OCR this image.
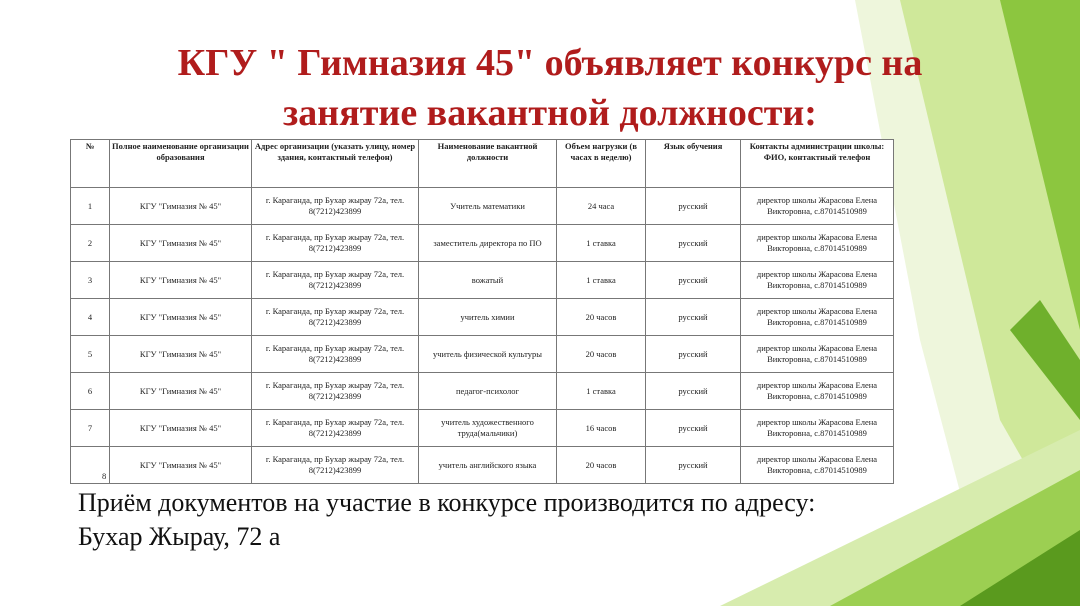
КГУ " Гимназия 45" объявляет конкурс на
занятие вакантной должности:
№	Полное наименование организации образования	Адрес организации (указать улицу, номер здания, контактный телефон)	Наименование вакантной должности	Объем нагрузки (в часах в неделю)	Язык обучения	Контакты администрации школы: ФИО, контактный телефон
1	КГУ "Гимназия № 45"	г. Караганда, пр Бухар жырау 72а, тел. 8(7212)423899	Учитель математики	24 часа	русский	директор школы Жарасова Елена Викторовна, с.87014510989
2	КГУ "Гимназия № 45"	г. Караганда, пр Бухар жырау 72а, тел. 8(7212)423899	заместитель директора по ПО	1 ставка	русский	директор школы Жарасова Елена Викторовна, с.87014510989
3	КГУ "Гимназия № 45"	г. Караганда, пр Бухар жырау 72а, тел. 8(7212)423899	вожатый	1 ставка	русский	директор школы Жарасова Елена Викторовна, с.87014510989
4	КГУ "Гимназия № 45"	г. Караганда, пр Бухар жырау 72а, тел. 8(7212)423899	учитель химии	20 часов	русский	директор школы Жарасова Елена Викторовна, с.87014510989
5	КГУ "Гимназия № 45"	г. Караганда, пр Бухар жырау 72а, тел. 8(7212)423899	учитель физической культуры	20 часов	русский	директор школы Жарасова Елена Викторовна, с.87014510989
6	КГУ "Гимназия № 45"	г. Караганда, пр Бухар жырау 72а, тел. 8(7212)423899	педагог-психолог	1 ставка	русский	директор школы Жарасова Елена Викторовна, с.87014510989
7	КГУ "Гимназия № 45"	г. Караганда, пр Бухар жырау 72а, тел. 8(7212)423899	учитель художественного труда(мальчики)	16 часов	русский	директор школы Жарасова Елена Викторовна, с.87014510989
8	КГУ "Гимназия № 45"	г. Караганда, пр Бухар жырау 72а, тел. 8(7212)423899	учитель английского языка	20 часов	русский	директор школы Жарасова Елена Викторовна, с.87014510989

Приём документов на участие в конкурсе производится по адресу:
Бухар Жырау, 72 а
